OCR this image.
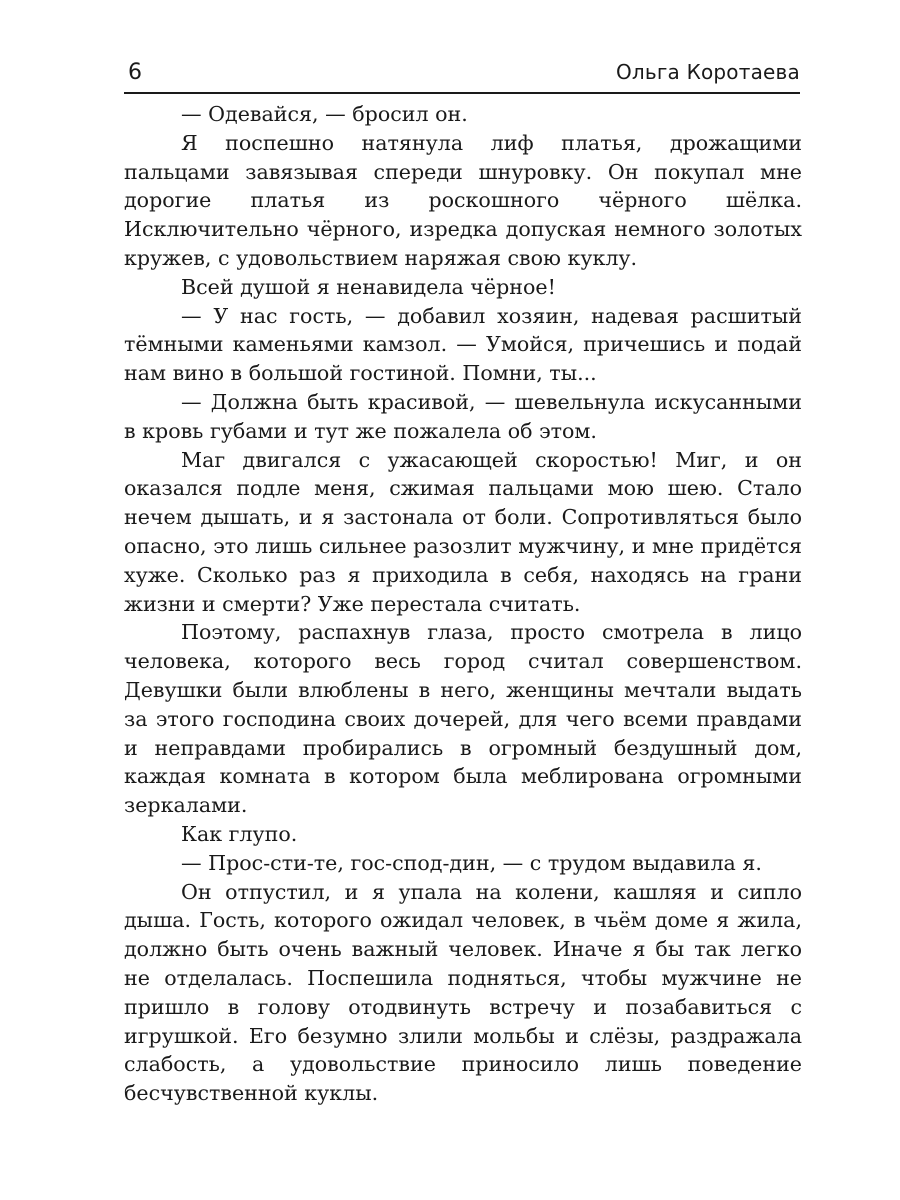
6	Ольга Коротаева

— Одевайся, — бросил он.

Я поспешно натянула лиф платья, дрожащими пальцами завязывая спереди шнуровку. Он покупал мне дорогие платья из роскошного чёрного шёлка. Исключительно чёрного, изредка допуская немного золотых кружев, с удовольствием наряжая свою куклу.

Всей душой я ненавидела чёрное!

— У нас гость, — добавил хозяин, надевая расшитый тёмными каменьями камзол. — Умойся, причешись и подай нам вино в большой гостиной. Помни, ты...

— Должна быть красивой, — шевельнула искусанными в кровь губами и тут же пожалела об этом.

Маг двигался с ужасающей скоростью! Миг, и он оказался подле меня, сжимая пальцами мою шею. Стало нечем дышать, и я застонала от боли. Сопротивляться было опасно, это лишь сильнее разозлит мужчину, и мне придётся хуже. Сколько раз я приходила в себя, находясь на грани жизни и смерти? Уже перестала считать.

Поэтому, распахнув глаза, просто смотрела в лицо человека, которого весь город считал совершенством. Девушки были влюблены в него, женщины мечтали выдать за этого господина своих дочерей, для чего всеми правдами и неправдами пробирались в огромный бездушный дом, каждая комната в котором была меблирована огромными зеркалами.

Как глупо.

— Прос-сти-те, гос-спод-дин, — с трудом выдавила я.

Он отпустил, и я упала на колени, кашляя и сипло дыша. Гость, которого ожидал человек, в чьём доме я жила, должно быть очень важный человек. Иначе я бы так легко не отделалась. Поспешила подняться, чтобы мужчине не пришло в голову отодвинуть встречу и позабавиться с игрушкой. Его безумно злили мольбы и слёзы, раздражала слабость, а удовольствие приносило лишь поведение бесчувственной куклы.
